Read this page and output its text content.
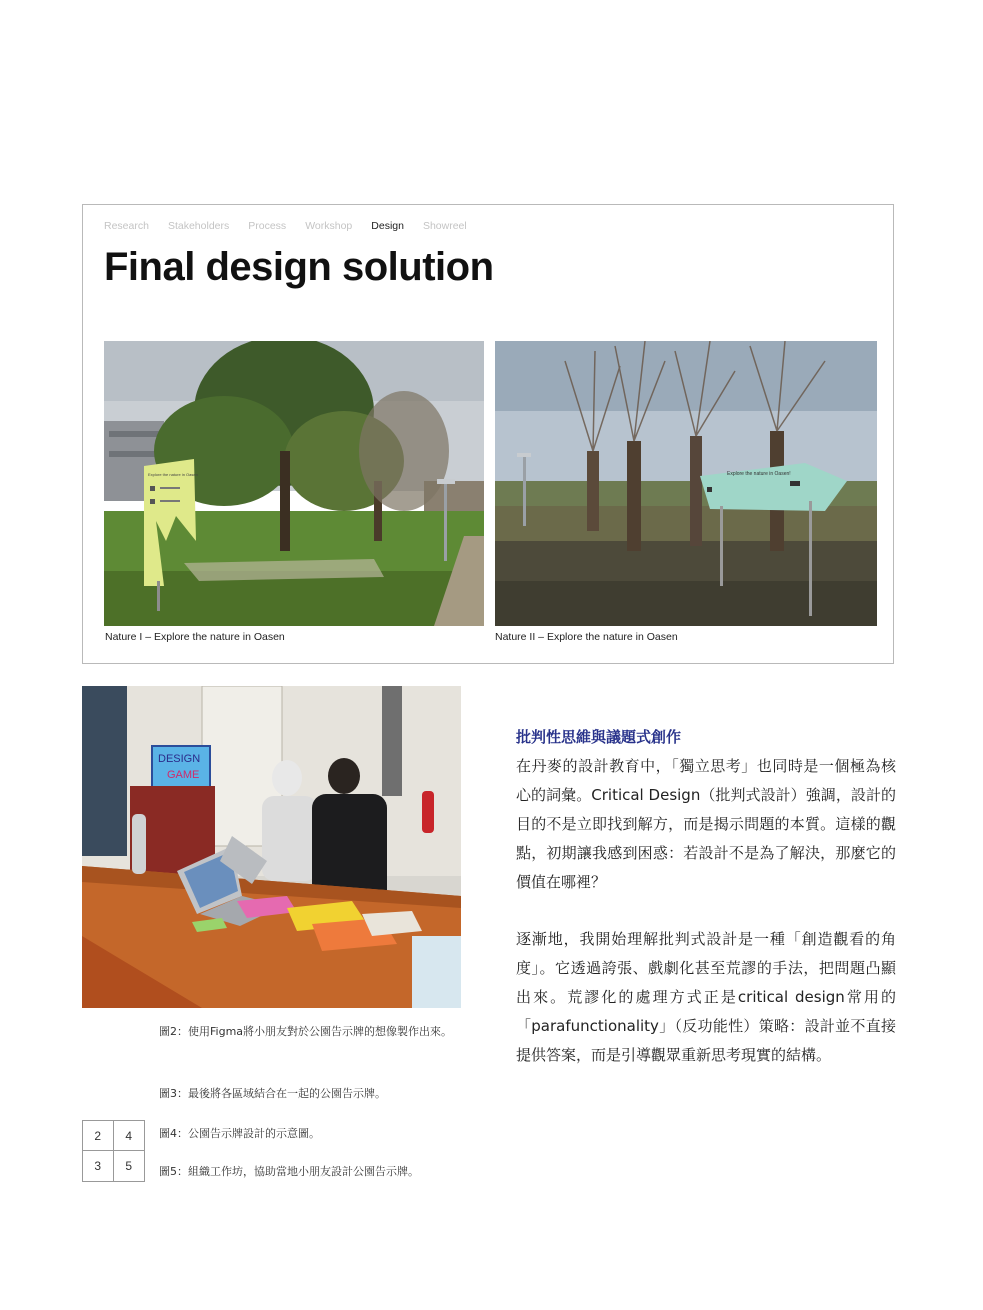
Research Stakeholders Process Workshop Design Showreel
Final design solution
Explore the nature in Oasen
Nature I – Explore the nature in Oasen
Explore the nature in Oasen!
Nature II – Explore the nature in Oasen
DESIGN
GAME
圖2：使用Figma將小朋友對於公園告示牌的想像製作出來。
圖3：最後將各區域結合在一起的公園告示牌。
圖4：公園告示牌設計的示意圖。
圖5：組織工作坊，協助當地小朋友設計公園告示牌。
2	4
3	5
批判性思維與議題式創作

在丹麥的設計教育中，「獨立思考」也同時是一個極為核心的詞彙。Critical Design（批判式設計）強調，設計的目的不是立即找到解方，而是揭示問題的本質。這樣的觀點，初期讓我感到困惑：若設計不是為了解決，那麼它的價值在哪裡？

逐漸地，我開始理解批判式設計是一種「創造觀看的角度」。它透過誇張、戲劇化甚至荒謬的手法，把問題凸顯出來。荒謬化的處理方式正是critical design常用的「parafunctionality」（反功能性）策略：設計並不直接提供答案，而是引導觀眾重新思考現實的結構。
